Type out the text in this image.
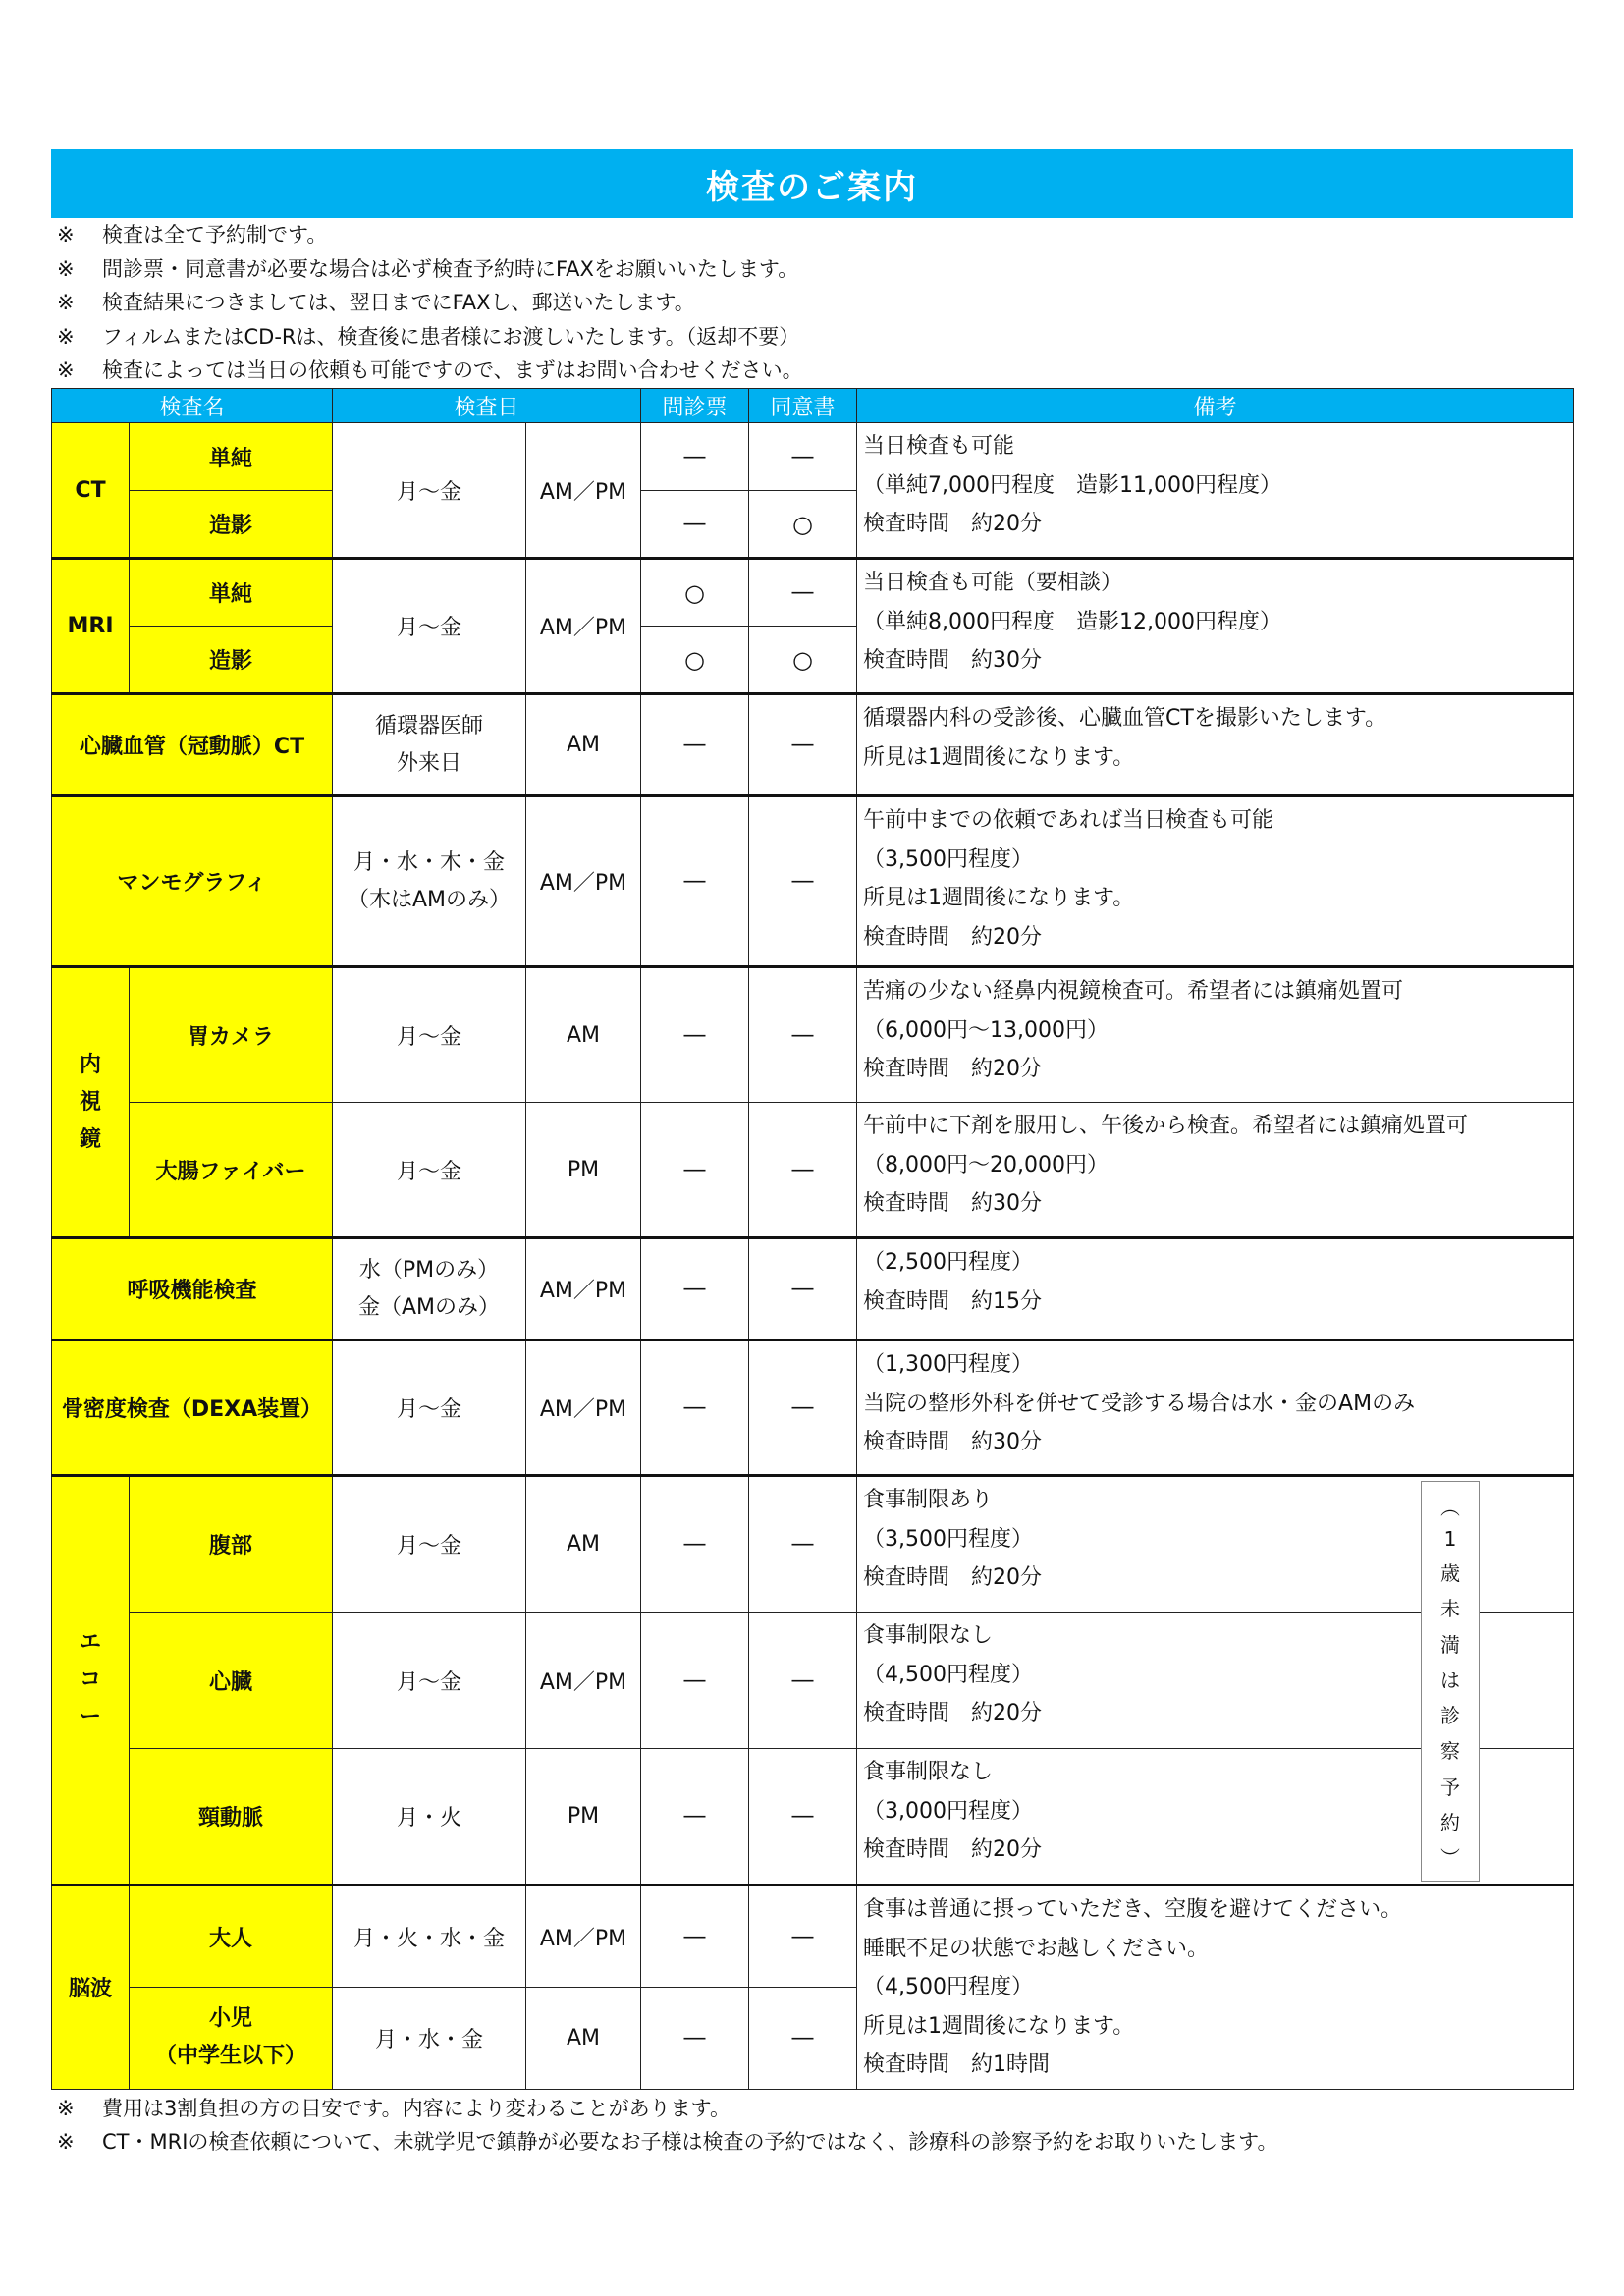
検査のご案内
※ 検査は全て予約制です。
※ 問診票・同意書が必要な場合は必ず検査予約時にFAXをお願いいたします。
※ 検査結果につきましては、翌日までにFAXし、郵送いたします。
※ フィルムまたはCD-Rは、検査後に患者様にお渡しいたします。（返却不要）
※ 検査によっては当日の依頼も可能ですので、まずはお問い合わせください。
検査名		検査日		問診票	同意書	備考
CT	単純	月～金	AM／PM	―	―	当日検査も可能
（単純7,000円程度　造影11,000円程度）
検査時間　約20分

	造影			―	○	
MRI	単純	月～金	AM／PM	○	―	当日検査も可能（要相談）
（単純8,000円程度　造影12,000円程度）
検査時間　約30分

	造影			○	○	
心臓血管（冠動脈）CT		循環器医師
外来日	AM	―	―	循環器内科の受診後、心臓血管CTを撮影いたします。
所見は1週間後になります。

マンモグラフィ		月・水・木・金
（木はAMのみ）	AM／PM	―	―	午前中までの依頼であれば当日検査も可能
（3,500円程度）
所見は1週間後になります。
検査時間　約20分

内
視
鏡	胃カメラ	月～金	AM	―	―	苦痛の少ない経鼻内視鏡検査可。希望者には鎮痛処置可
（6,000円～13,000円）
検査時間　約20分

	大腸ファイバー	月～金	PM	―	―	午前中に下剤を服用し、午後から検査。希望者には鎮痛処置可
（8,000円～20,000円）
検査時間　約30分

呼吸機能検査		水（PMのみ）
金（AMのみ）	AM／PM	―	―	（2,500円程度）
検査時間　約15分

骨密度検査（DEXA装置）		月～金	AM／PM	―	―	（1,300円程度）
当院の整形外科を併せて受診する場合は水・金のAMのみ
検査時間　約30分

エ
コ
ー	腹部	月～金	AM	―	―	食事制限あり
（3,500円程度）
検査時間　約20分

	心臓	月～金	AM／PM	―	―	食事制限なし
（4,500円程度）
検査時間　約20分

	頸動脈	月・火	PM	―	―	食事制限なし
（3,000円程度）
検査時間　約20分

脳波	大人	月・火・水・金	AM／PM	―	―	食事は普通に摂っていただき、空腹を避けてください。
睡眠不足の状態でお越しください。
（4,500円程度）
所見は1週間後になります。
検査時間　約1時間

	小児
（中学生以下）	月・水・金	AM	―	―	
︵
1
歳
未
満
は
診
察
予
約
︶
※ 費用は3割負担の方の目安です。内容により変わることがあります。
※ CT・MRIの検査依頼について、未就学児で鎮静が必要なお子様は検査の予約ではなく、診療科の診察予約をお取りいたします。
